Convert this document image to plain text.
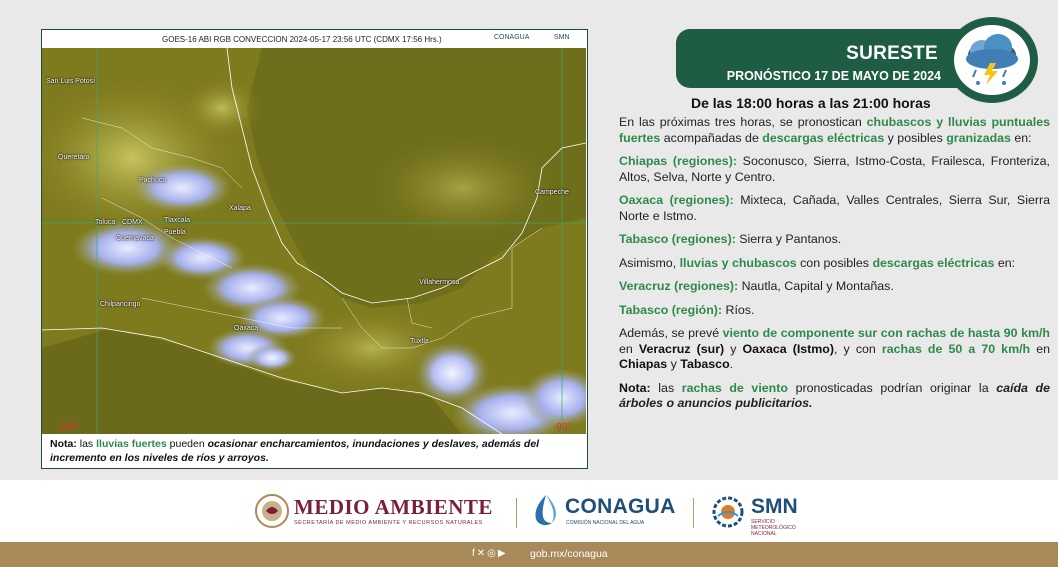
GOES-16 ABI RGB CONVECCION 2024-05-17 23:56 UTC (CDMX 17:56 Hrs.)	CONAGUA	SMN
San Luis Potosí
Querétaro
Pachuca
Toluca CDMX	Tlaxcala
Cuernavaca
Puebla
Xalapa
Chilpancingo
Oaxaca
Villahermosa
Tuxtla
Campeche
-100°	-90°
Nota: las lluvias fuertes pueden ocasionar encharcamientos, inundaciones y deslaves, además del incremento en los niveles de ríos y arroyos.
SURESTE
PRONÓSTICO 17 DE MAYO DE 2024
De las 18:00 horas a las 21:00 horas

En las próximas tres horas, se pronostican chubascos y lluvias puntuales fuertes acompañadas de descargas eléctricas y posibles granizadas en:

Chiapas (regiones): Soconusco, Sierra, Istmo-Costa, Frailesca, Fronteriza, Altos, Selva, Norte y Centro.

Oaxaca (regiones): Mixteca, Cañada, Valles Centrales, Sierra Sur, Sierra Norte e Istmo.

Tabasco (regiones): Sierra y Pantanos.

Asimismo, lluvias y chubascos con posibles descargas eléctricas en:

Veracruz (regiones): Nautla, Capital y Montañas.

Tabasco (región): Ríos.

Además, se prevé viento de componente sur con rachas de hasta 90 km/h en Veracruz (sur) y Oaxaca (Istmo), y con rachas de 50 a 70 km/h en Chiapas y Tabasco.

Nota: las rachas de viento pronosticadas podrían originar la caída de árboles o anuncios publicitarios.

MEDIO AMBIENTE
SECRETARÍA DE MEDIO AMBIENTE Y RECURSOS NATURALES
CONAGUA
COMISIÓN NACIONAL DEL AGUA
SMN
SERVICIO
METEOROLÓGICO
NACIONAL
f✕◎▶ gob.mx/conagua
